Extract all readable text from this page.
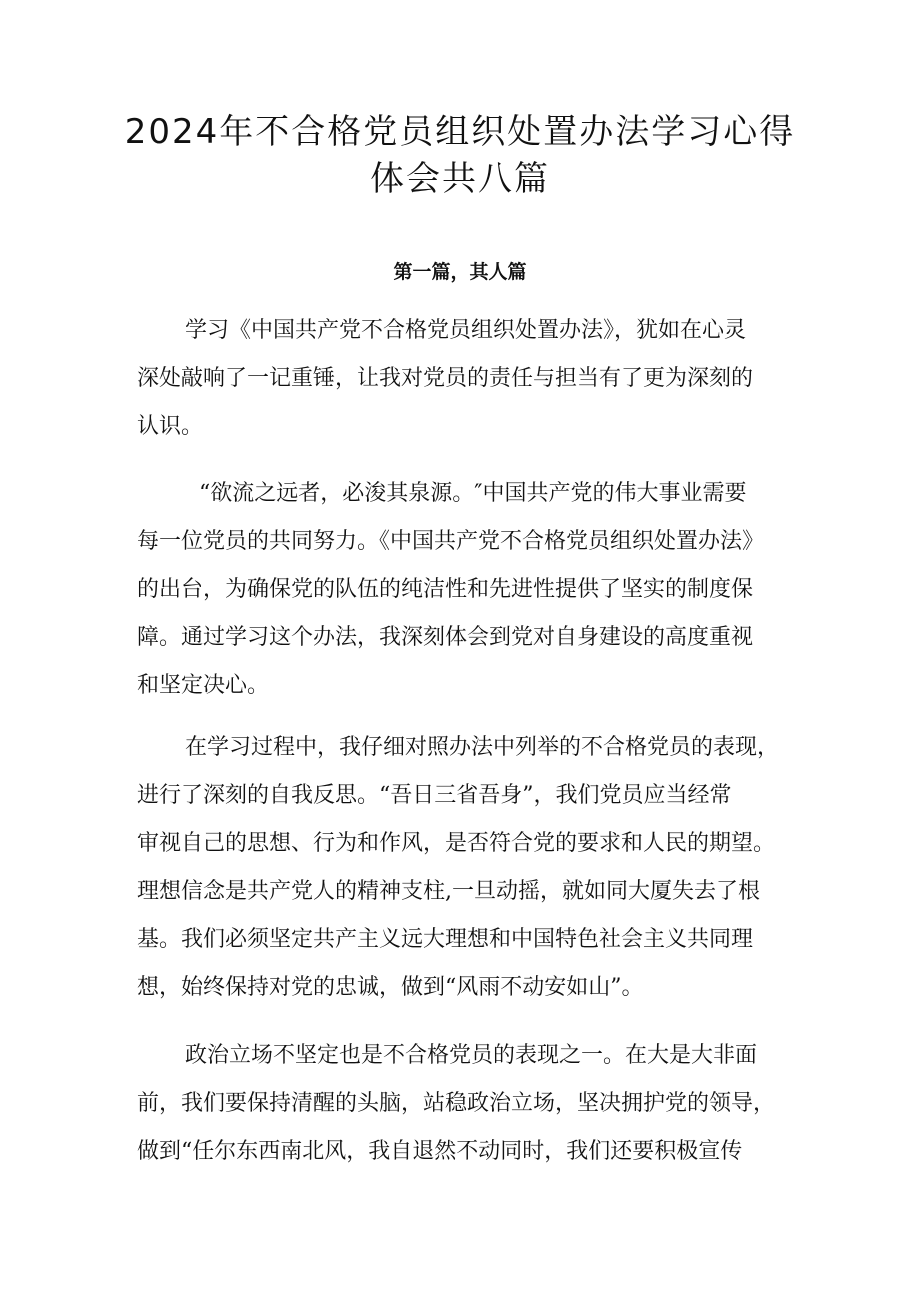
2024年不合格党员组织处置办法学习心得
体会共八篇
第一篇，其人篇

学习《中国共产党不合格党员组织处置办法》，犹如在心灵
深处敲响了一记重锤，让我对党员的责任与担当有了更为深刻的
认识。

“欲流之远者，必浚其泉源。″中国共产党的伟大事业需要
每一位党员的共同努力。《中国共产党不合格党员组织处置办法》
的出台，为确保党的队伍的纯洁性和先进性提供了坚实的制度保
障。通过学习这个办法，我深刻体会到党对自身建设的高度重视
和坚定决心。

在学习过程中，我仔细对照办法中列举的不合格党员的表现，
进行了深刻的自我反思。“吾日三省吾身”，我们党员应当经常
审视自己的思想、行为和作风，是否符合党的要求和人民的期望。
理想信念是共产党人的精神支柱,一旦动摇，就如同大厦失去了根
基。我们必须坚定共产主义远大理想和中国特色社会主义共同理
想，始终保持对党的忠诚，做到“风雨不动安如山”。

政治立场不坚定也是不合格党员的表现之一。在大是大非面
前，我们要保持清醒的头脑，站稳政治立场，坚决拥护党的领导，
做到“任尔东西南北风，我自退然不动同时，我们还要积极宣传
